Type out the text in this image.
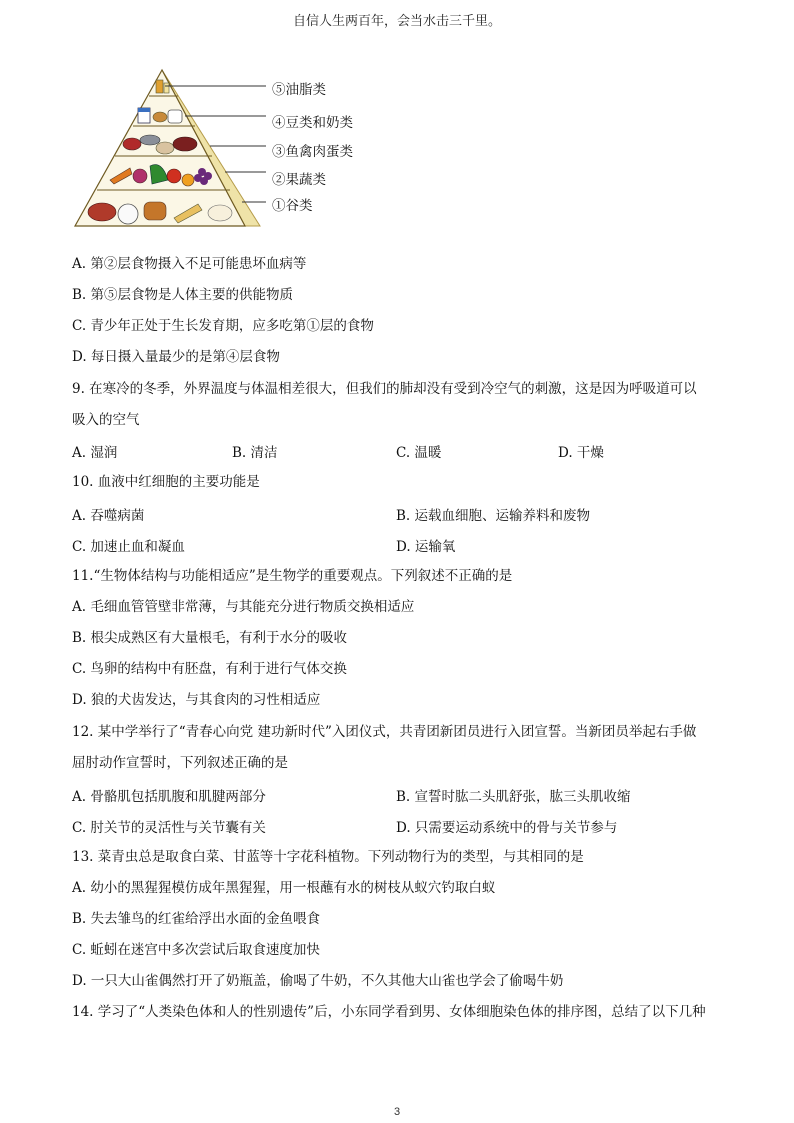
自信人生两百年，会当水击三千里。
⑤油脂类
④豆类和奶类
③鱼禽肉蛋类
②果蔬类
①谷类
A. 第②层食物摄入不足可能患坏血病等
B. 第⑤层食物是人体主要的供能物质
C. 青少年正处于生长发育期，应多吃第①层的食物
D. 每日摄入量最少的是第④层食物
9. 在寒冷的冬季，外界温度与体温相差很大，但我们的肺却没有受到冷空气的刺激，这是因为呼吸道可以
吸入的空气
A. 湿润	B. 清洁	C. 温暖	D. 干燥
10. 血液中红细胞的主要功能是
A. 吞噬病菌	B. 运载血细胞、运输养料和废物
C. 加速止血和凝血	D. 运输氧
11.“生物体结构与功能相适应”是生物学的重要观点。下列叙述不正确的是
A. 毛细血管管壁非常薄，与其能充分进行物质交换相适应
B. 根尖成熟区有大量根毛，有利于水分的吸收
C. 鸟卵的结构中有胚盘，有利于进行气体交换
D. 狼的犬齿发达，与其食肉的习性相适应
12. 某中学举行了“青春心向党 建功新时代”入团仪式，共青团新团员进行入团宣誓。当新团员举起右手做
屈肘动作宣誓时，下列叙述正确的是
A. 骨骼肌包括肌腹和肌腱两部分	B. 宣誓时肱二头肌舒张，肱三头肌收缩
C. 肘关节的灵活性与关节囊有关	D. 只需要运动系统中的骨与关节参与
13. 菜青虫总是取食白菜、甘蓝等十字花科植物。下列动物行为的类型，与其相同的是
A. 幼小的黑猩猩模仿成年黑猩猩，用一根蘸有水的树枝从蚁穴钓取白蚁
B. 失去雏鸟的红雀给浮出水面的金鱼喂食
C. 蚯蚓在迷宫中多次尝试后取食速度加快
D. 一只大山雀偶然打开了奶瓶盖，偷喝了牛奶，不久其他大山雀也学会了偷喝牛奶
14. 学习了“人类染色体和人的性别遗传”后，小东同学看到男、女体细胞染色体的排序图，总结了以下几种
3
